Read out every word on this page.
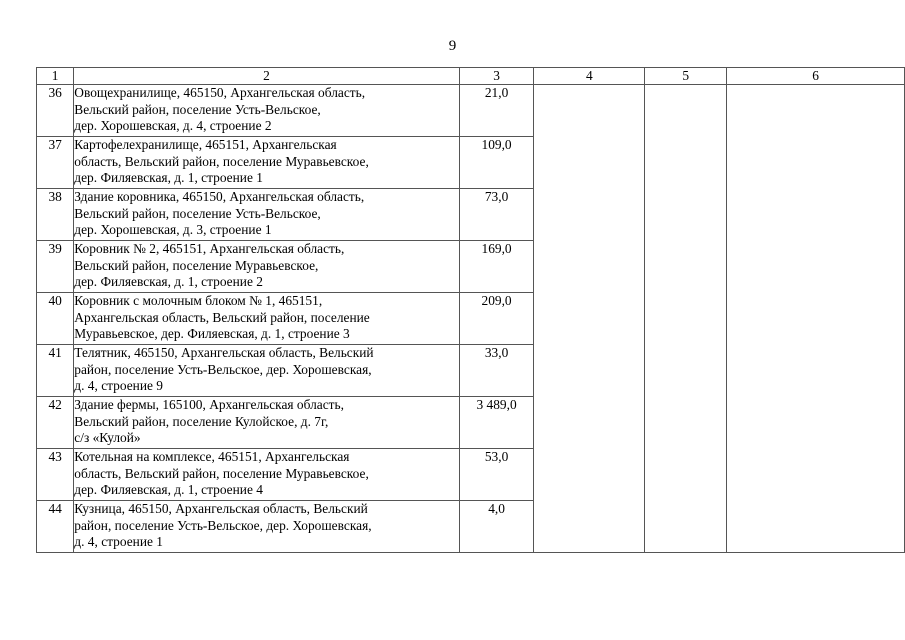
9
1	2	3	4	5	6
36	Овощехранилище, 465150, Архангельская область,
Вельский район, поселение Усть-Вельское,
дер. Хорошевская, д. 4, строение 2	21,0			
37	Картофелехранилище, 465151, Архангельская
область, Вельский район, поселение Муравьевское,
дер. Филяевская, д. 1, строение 1	109,0			
38	Здание коровника, 465150, Архангельская область,
Вельский район, поселение Усть-Вельское,
дер. Хорошевская, д. 3, строение 1	73,0			
39	Коровник № 2, 465151, Архангельская область,
Вельский район, поселение Муравьевское,
дер. Филяевская, д. 1, строение 2	169,0			
40	Коровник с молочным блоком № 1, 465151,
Архангельская область, Вельский район, поселение
Муравьевское, дер. Филяевская, д. 1, строение 3	209,0			
41	Телятник, 465150, Архангельская область, Вельский
район, поселение Усть-Вельское, дер. Хорошевская,
д. 4, строение 9	33,0			
42	Здание фермы, 165100, Архангельская область,
Вельский район, поселение Кулойское, д. 7г,
с/з «Кулой»	3 489,0			
43	Котельная на комплексе, 465151, Архангельская
область, Вельский район, поселение Муравьевское,
дер. Филяевская, д. 1, строение 4	53,0			
44	Кузница, 465150, Архангельская область, Вельский
район, поселение Усть-Вельское, дер. Хорошевская,
д. 4, строение 1	4,0			
